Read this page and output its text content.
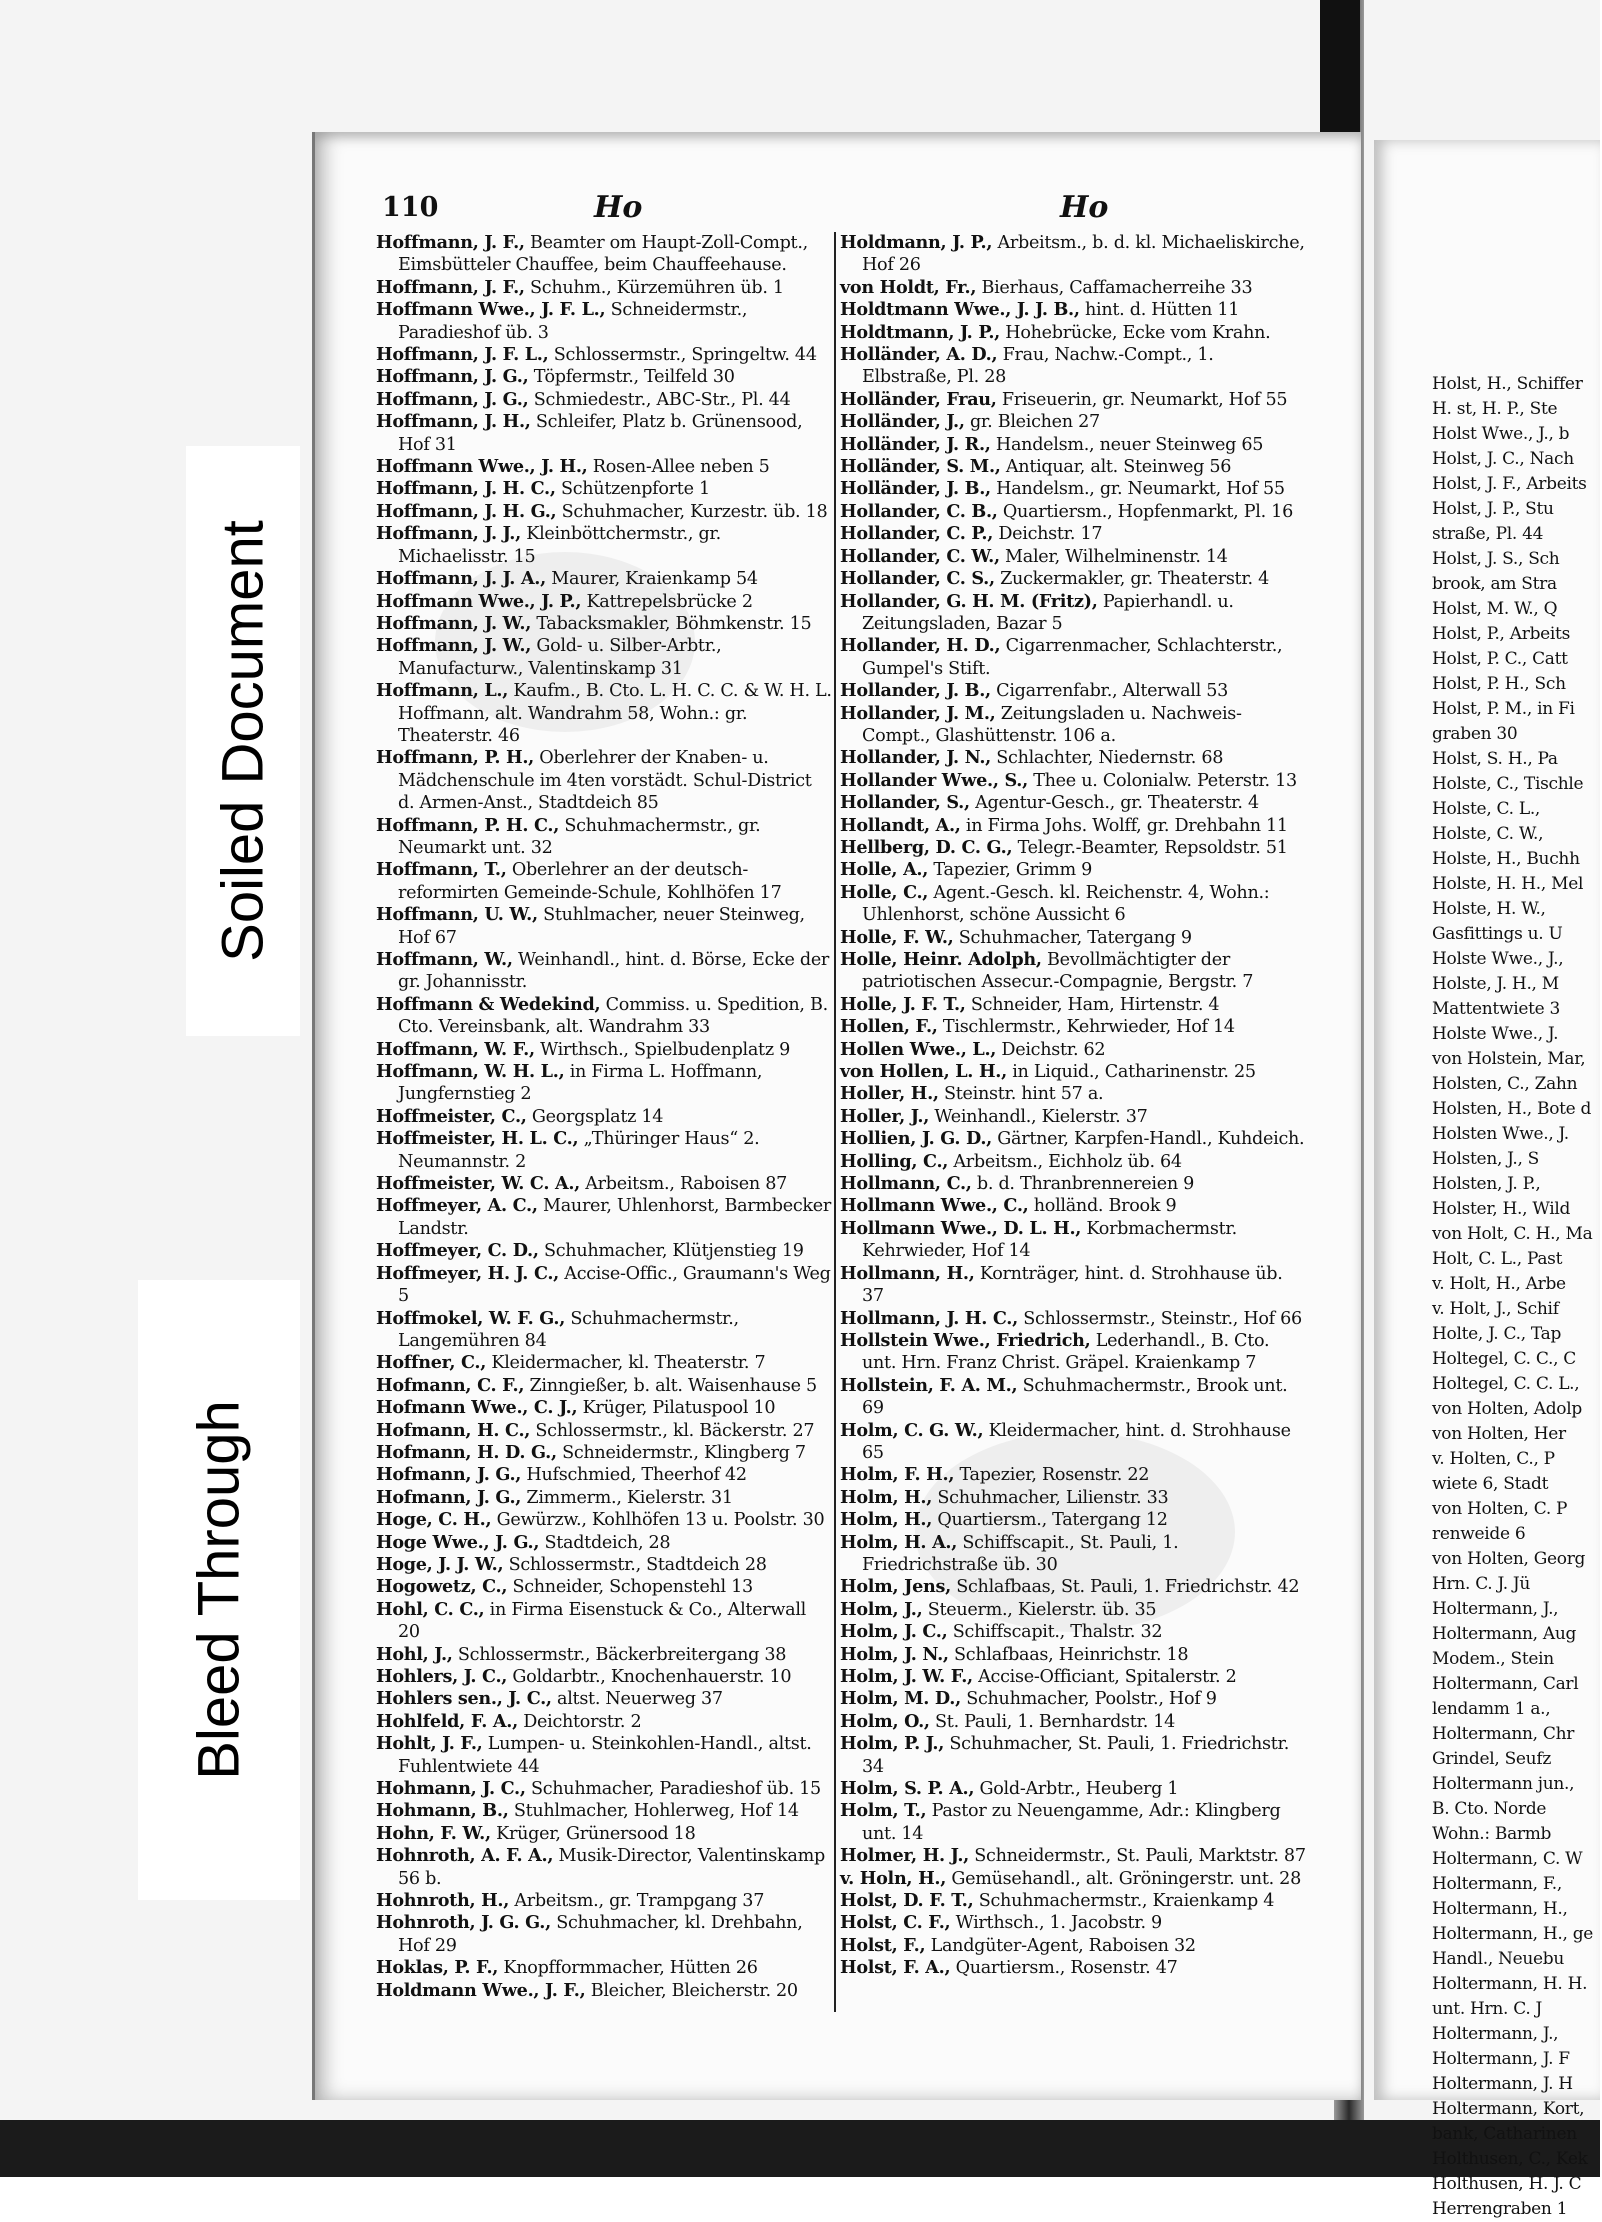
Holst, H., Schiffer

H. st, H. P., Ste

Holst Wwe., J., b

Holst, J. C., Nach

Holst, J. F., Arbeits

Holst, J. P., Stu

straße, Pl. 44

Holst, J. S., Sch

brook, am Stra

Holst, M. W., Q

Holst, P., Arbeits

Holst, P. C., Catt

Holst, P. H., Sch

Holst, P. M., in Fi

graben 30

Holst, S. H., Pa

Holste, C., Tischle

Holste, C. L.,

Holste, C. W.,

Holste, H., Buchh

Holste, H. H., Mel

Holste, H. W.,

Gasfittings u. U

Holste Wwe., J.,

Holste, J. H., M

Mattentwiete 3

Holste Wwe., J.

von Holstein, Mar,

Holsten, C., Zahn

Holsten, H., Bote d

Holsten Wwe., J.

Holsten, J., S

Holsten, J. P.,

Holster, H., Wild

von Holt, C. H., Ma

Holt, C. L., Past

v. Holt, H., Arbe

v. Holt, J., Schif

Holte, J. C., Tap

Holtegel, C. C., C

Holtegel, C. C. L.,

von Holten, Adolp

von Holten, Her

v. Holten, C., P

wiete 6, Stadt

von Holten, C. P

renweide 6

von Holten, Georg

Hrn. C. J. Jü

Holtermann, J.,

Holtermann, Aug

Modem., Stein

Holtermann, Carl

lendamm 1 a.,

Holtermann, Chr

Grindel, Seufz

Holtermann jun.,

B. Cto. Norde

Wohn.: Barmb

Holtermann, C. W

Holtermann, F.,

Holtermann, H.,

Holtermann, H., ge

Handl., Neuebu

Holtermann, H. H.

unt. Hrn. C. J

Holtermann, J.,

Holtermann, J. F

Holtermann, J. H

Holtermann, Kort,

bank, Catharinen

Holthusen, C., Kek

Holthusen, H. J. C

Herrengraben 1

Soiled Document
Bleed Through
110	Ho	Ho

Hoffmann, J. F., Beamter om Haupt-Zoll-Compt., Eimsbütteler Chauffee, beim Chauffeehause.

Hoffmann, J. F., Schuhm., Kürzemühren üb. 1

Hoffmann Wwe., J. F. L., Schneidermstr., Paradieshof üb. 3

Hoffmann, J. F. L., Schlossermstr., Springeltw. 44

Hoffmann, J. G., Töpfermstr., Teilfeld 30

Hoffmann, J. G., Schmiedestr., ABC-Str., Pl. 44

Hoffmann, J. H., Schleifer, Platz b. Grünensood, Hof 31

Hoffmann Wwe., J. H., Rosen-Allee neben 5

Hoffmann, J. H. C., Schützenpforte 1

Hoffmann, J. H. G., Schuhmacher, Kurzestr. üb. 18

Hoffmann, J. J., Kleinböttchermstr., gr. Michaelisstr. 15

Hoffmann, J. J. A., Maurer, Kraienkamp 54

Hoffmann Wwe., J. P., Kattrepelsbrücke 2

Hoffmann, J. W., Tabacksmakler, Böhmkenstr. 15

Hoffmann, J. W., Gold- u. Silber-Arbtr., Manufacturw., Valentinskamp 31

Hoffmann, L., Kaufm., B. Cto. L. H. C. C. & W. H. L. Hoffmann, alt. Wandrahm 58, Wohn.: gr. Theaterstr. 46

Hoffmann, P. H., Oberlehrer der Knaben- u. Mädchenschule im 4ten vorstädt. Schul-District d. Armen-Anst., Stadtdeich 85

Hoffmann, P. H. C., Schuhmachermstr., gr. Neumarkt unt. 32

Hoffmann, T., Oberlehrer an der deutsch-reformirten Gemeinde-Schule, Kohlhöfen 17

Hoffmann, U. W., Stuhlmacher, neuer Steinweg, Hof 67

Hoffmann, W., Weinhandl., hint. d. Börse, Ecke der gr. Johannisstr.

Hoffmann & Wedekind, Commiss. u. Spedition, B. Cto. Vereinsbank, alt. Wandrahm 33

Hoffmann, W. F., Wirthsch., Spielbudenplatz 9

Hoffmann, W. H. L., in Firma L. Hoffmann, Jungfernstieg 2

Hoffmeister, C., Georgsplatz 14

Hoffmeister, H. L. C., „Thüringer Haus“ 2. Neumannstr. 2

Hoffmeister, W. C. A., Arbeitsm., Raboisen 87

Hoffmeyer, A. C., Maurer, Uhlenhorst, Barmbecker Landstr.

Hoffmeyer, C. D., Schuhmacher, Klütjenstieg 19

Hoffmeyer, H. J. C., Accise-Offic., Graumann's Weg 5

Hoffmokel, W. F. G., Schuhmachermstr., Langemühren 84

Hoffner, C., Kleidermacher, kl. Theaterstr. 7

Hofmann, C. F., Zinngießer, b. alt. Waisenhause 5

Hofmann Wwe., C. J., Krüger, Pilatuspool 10

Hofmann, H. C., Schlossermstr., kl. Bäckerstr. 27

Hofmann, H. D. G., Schneidermstr., Klingberg 7

Hofmann, J. G., Hufschmied, Theerhof 42

Hofmann, J. G., Zimmerm., Kielerstr. 31

Hoge, C. H., Gewürzw., Kohlhöfen 13 u. Poolstr. 30

Hoge Wwe., J. G., Stadtdeich, 28

Hoge, J. J. W., Schlossermstr., Stadtdeich 28

Hogowetz, C., Schneider, Schopenstehl 13

Hohl, C. C., in Firma Eisenstuck & Co., Alterwall 20

Hohl, J., Schlossermstr., Bäckerbreitergang 38

Hohlers, J. C., Goldarbtr., Knochenhauerstr. 10

Hohlers sen., J. C., altst. Neuerweg 37

Hohlfeld, F. A., Deichtorstr. 2

Hohlt, J. F., Lumpen- u. Steinkohlen-Handl., altst. Fuhlentwiete 44

Hohmann, J. C., Schuhmacher, Paradieshof üb. 15

Hohmann, B., Stuhlmacher, Hohlerweg, Hof 14

Hohn, F. W., Krüger, Grünersood 18

Hohnroth, A. F. A., Musik-Director, Valentinskamp 56 b.

Hohnroth, H., Arbeitsm., gr. Trampgang 37

Hohnroth, J. G. G., Schuhmacher, kl. Drehbahn, Hof 29

Hoklas, P. F., Knopfformmacher, Hütten 26

Holdmann Wwe., J. F., Bleicher, Bleicherstr. 20

Holdmann, J. P., Arbeitsm., b. d. kl. Michaeliskirche, Hof 26

von Holdt, Fr., Bierhaus, Caffamacherreihe 33

Holdtmann Wwe., J. J. B., hint. d. Hütten 11

Holdtmann, J. P., Hohebrücke, Ecke vom Krahn.

Holländer, A. D., Frau, Nachw.-Compt., 1. Elbstraße, Pl. 28

Holländer, Frau, Friseuerin, gr. Neumarkt, Hof 55

Holländer, J., gr. Bleichen 27

Holländer, J. R., Handelsm., neuer Steinweg 65

Holländer, S. M., Antiquar, alt. Steinweg 56

Holländer, J. B., Handelsm., gr. Neumarkt, Hof 55

Hollander, C. B., Quartiersm., Hopfenmarkt, Pl. 16

Hollander, C. P., Deichstr. 17

Hollander, C. W., Maler, Wilhelminenstr. 14

Hollander, C. S., Zuckermakler, gr. Theaterstr. 4

Hollander, G. H. M. (Fritz), Papierhandl. u. Zeitungsladen, Bazar 5

Hollander, H. D., Cigarrenmacher, Schlachterstr., Gumpel's Stift.

Hollander, J. B., Cigarrenfabr., Alterwall 53

Hollander, J. M., Zeitungsladen u. Nachweis-Compt., Glashüttenstr. 106 a.

Hollander, J. N., Schlachter, Niedernstr. 68

Hollander Wwe., S., Thee u. Colonialw. Peterstr. 13

Hollander, S., Agentur-Gesch., gr. Theaterstr. 4

Hollandt, A., in Firma Johs. Wolff, gr. Drehbahn 11

Hellberg, D. C. G., Telegr.-Beamter, Repsoldstr. 51

Holle, A., Tapezier, Grimm 9

Holle, C., Agent.-Gesch. kl. Reichenstr. 4, Wohn.: Uhlenhorst, schöne Aussicht 6

Holle, F. W., Schuhmacher, Tatergang 9

Holle, Heinr. Adolph, Bevollmächtigter der patriotischen Assecur.-Compagnie, Bergstr. 7

Holle, J. F. T., Schneider, Ham, Hirtenstr. 4

Hollen, F., Tischlermstr., Kehrwieder, Hof 14

Hollen Wwe., L., Deichstr. 62

von Hollen, L. H., in Liquid., Catharinenstr. 25

Holler, H., Steinstr. hint 57 a.

Holler, J., Weinhandl., Kielerstr. 37

Hollien, J. G. D., Gärtner, Karpfen-Handl., Kuhdeich.

Holling, C., Arbeitsm., Eichholz üb. 64

Hollmann, C., b. d. Thranbrennereien 9

Hollmann Wwe., C., holländ. Brook 9

Hollmann Wwe., D. L. H., Korbmachermstr. Kehrwieder, Hof 14

Hollmann, H., Kornträger, hint. d. Strohhause üb. 37

Hollmann, J. H. C., Schlossermstr., Steinstr., Hof 66

Hollstein Wwe., Friedrich, Lederhandl., B. Cto. unt. Hrn. Franz Christ. Gräpel. Kraienkamp 7

Hollstein, F. A. M., Schuhmachermstr., Brook unt. 69

Holm, C. G. W., Kleidermacher, hint. d. Strohhause 65

Holm, F. H., Tapezier, Rosenstr. 22

Holm, H., Schuhmacher, Lilienstr. 33

Holm, H., Quartiersm., Tatergang 12

Holm, H. A., Schiffscapit., St. Pauli, 1. Friedrichstraße üb. 30

Holm, Jens, Schlafbaas, St. Pauli, 1. Friedrichstr. 42

Holm, J., Steuerm., Kielerstr. üb. 35

Holm, J. C., Schiffscapit., Thalstr. 32

Holm, J. N., Schlafbaas, Heinrichstr. 18

Holm, J. W. F., Accise-Officiant, Spitalerstr. 2

Holm, M. D., Schuhmacher, Poolstr., Hof 9

Holm, O., St. Pauli, 1. Bernhardstr. 14

Holm, P. J., Schuhmacher, St. Pauli, 1. Friedrichstr. 34

Holm, S. P. A., Gold-Arbtr., Heuberg 1

Holm, T., Pastor zu Neuengamme, Adr.: Klingberg unt. 14

Holmer, H. J., Schneidermstr., St. Pauli, Marktstr. 87

v. Holn, H., Gemüsehandl., alt. Gröningerstr. unt. 28

Holst, D. F. T., Schuhmachermstr., Kraienkamp 4

Holst, C. F., Wirthsch., 1. Jacobstr. 9

Holst, F., Landgüter-Agent, Raboisen 32

Holst, F. A., Quartiersm., Rosenstr. 47
